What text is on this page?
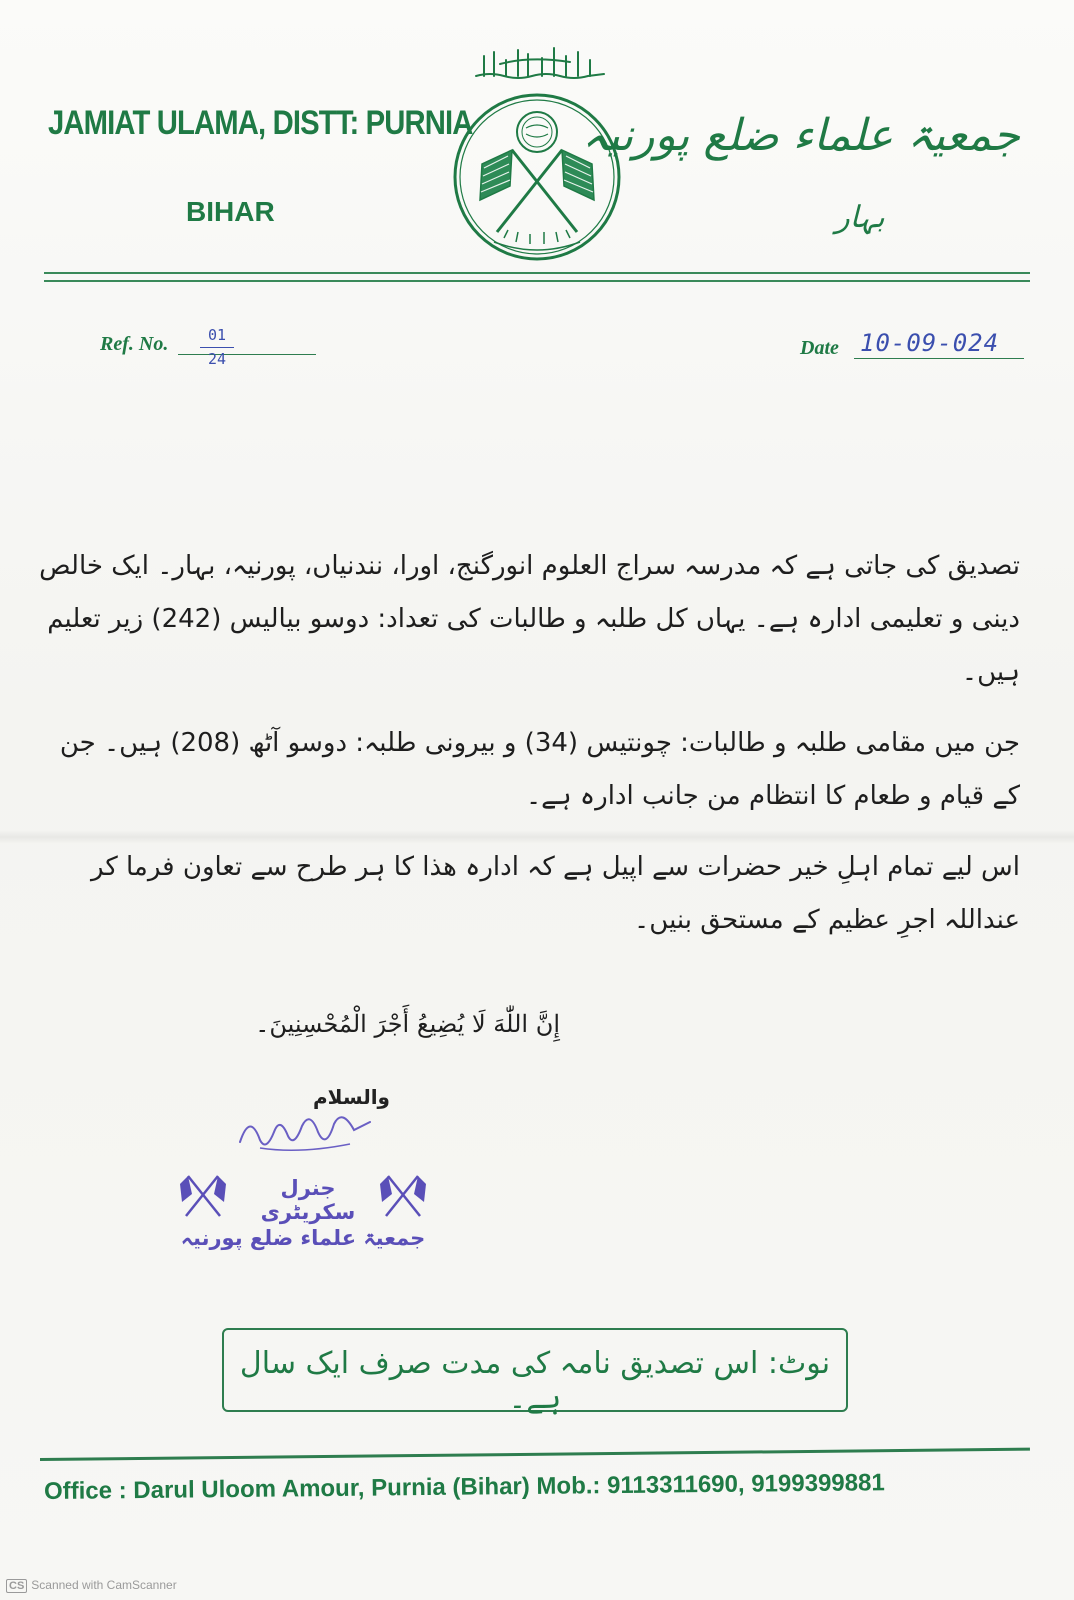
JAMIAT ULAMA, DISTT: PURNIA
BIHAR
جمعیۃ علماء ضلع پورنیہ
بہار
Ref. No.	01
24	Date 10-09-024

تصدیق کی جاتی ہے کہ مدرسہ سراج العلوم انورگنج، اورا، نندنیاں، پورنیہ، بہار۔ ایک خالص دینی و تعلیمی ادارہ ہے۔ یہاں کل طلبہ و طالبات کی تعداد: دوسو بیالیس (242) زیر تعلیم ہیں۔

جن میں مقامی طلبہ و طالبات: چونتیس (34) و بیرونی طلبہ: دوسو آٹھ (208) ہیں۔ جن کے قیام و طعام کا انتظام من جانب ادارہ ہے۔

اس لیے تمام اہلِ خیر حضرات سے اپیل ہے کہ ادارہ ھذا کا ہر طرح سے تعاون فرما کر عنداللہ اجرِ عظیم کے مستحق بنیں۔

إِنَّ اللّٰهَ لَا يُضِيعُ أَجْرَ الْمُحْسِنِينَ۔
والسلام
جنرل سکریٹری
جمعیۃ علماء ضلع پورنیہ
نوٹ: اس تصدیق نامہ کی مدت صرف ایک سال ہے۔
Office : Darul Uloom Amour, Purnia (Bihar) Mob.: 9113311690, 9199399881
CS Scanned with CamScanner
